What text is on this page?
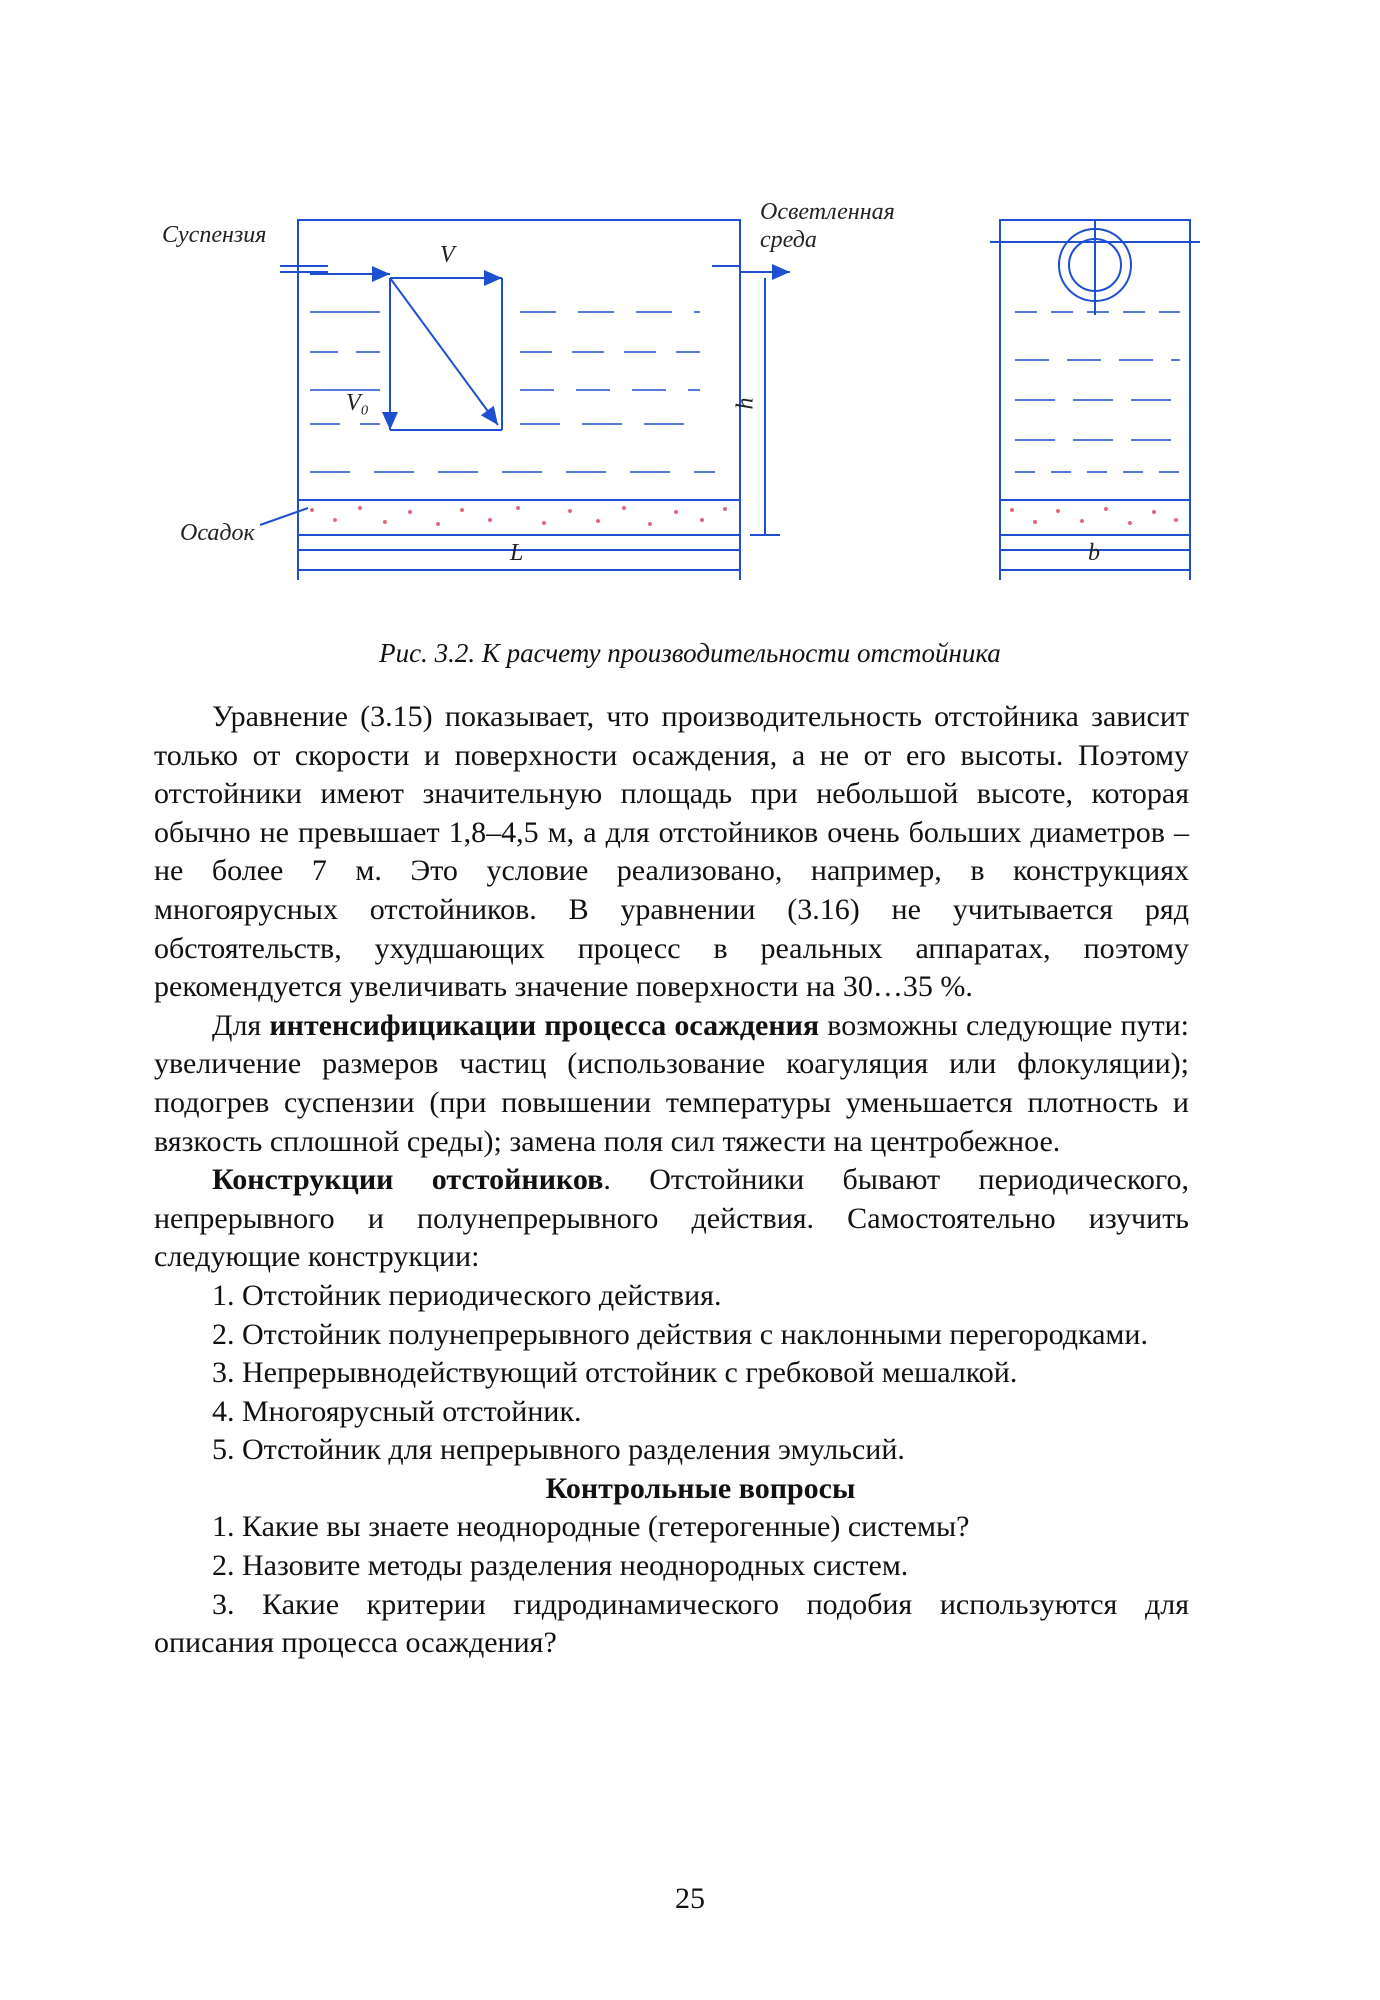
Суспензия
Осветленная
среда
Осадок
V
V₀	h
L	b
Рис. 3.2. К расчету производительности отстойника

Уравнение (3.15) показывает, что производительность отстойника зависит только от скорости и поверхности осаждения, а не от его высоты. Поэтому отстойники имеют значительную площадь при небольшой высоте, которая обычно не превышает 1,8–4,5 м, а для отстойников очень больших диаметров – не более 7 м. Это условие реализовано, например, в конструкциях многоярусных отстойников. В уравнении (3.16) не учитывается ряд обстоятельств, ухудшающих процесс в реальных аппаратах, поэтому рекомендуется увеличивать значение поверхности на 30…35 %.

Для интенсифицикации процесса осаждения возможны следующие пути: увеличение размеров частиц (использование коагуляция или флокуляции); подогрев суспензии (при повышении температуры уменьшается плотность и вязкость сплошной среды); замена поля сил тяжести на центробежное.

Конструкции отстойников. Отстойники бывают периодического, непрерывного и полунепрерывного действия. Самостоятельно изучить следующие конструкции:

1. Отстойник периодического действия.

2. Отстойник полунепрерывного действия с наклонными перегородками.

3. Непрерывнодействующий отстойник с гребковой мешалкой.

4. Многоярусный отстойник.

5. Отстойник для непрерывного разделения эмульсий.

Контрольные вопросы

1. Какие вы знаете неоднородные (гетерогенные) системы?

2. Назовите методы разделения неоднородных систем.

3. Какие критерии гидродинамического подобия используются для описания процесса осаждения?

25
